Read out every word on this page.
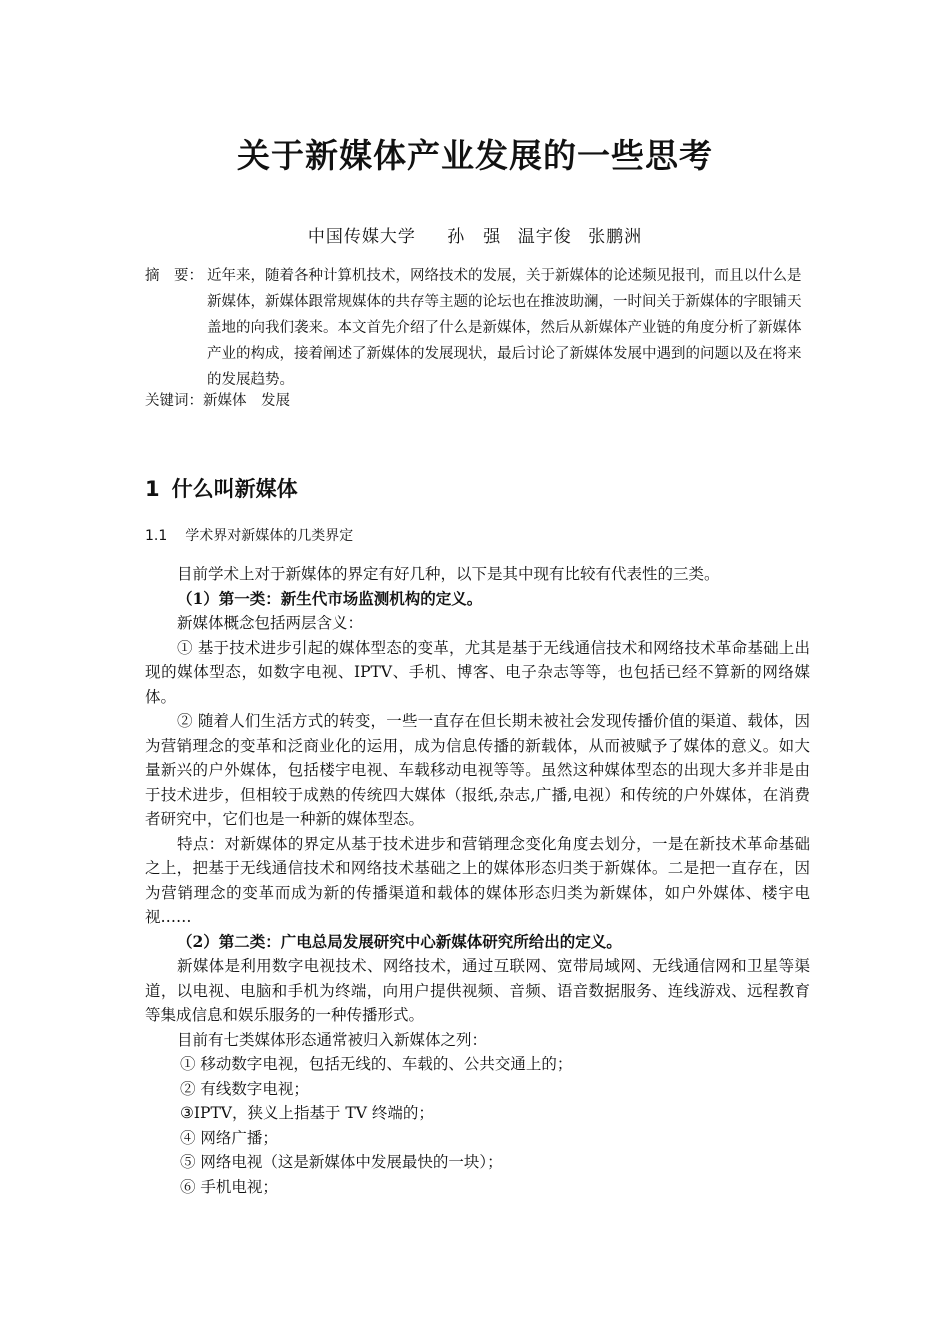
关于新媒体产业发展的一些思考
中国传媒大学 孙　强 温宇俊 张鹏洲
摘　要： 近年来，随着各种计算机技术，网络技术的发展，关于新媒体的论述频见报刊，而且以什么是新媒体，新媒体跟常规媒体的共存等主题的论坛也在推波助澜，一时间关于新媒体的字眼铺天盖地的向我们袭来。本文首先介绍了什么是新媒体，然后从新媒体产业链的角度分析了新媒体产业的构成，接着阐述了新媒体的发展现状，最后讨论了新媒体发展中遇到的问题以及在将来的发展趋势。
关键词：新媒体　发展
1 什么叫新媒体
1.1 学术界对新媒体的几类界定

目前学术上对于新媒体的界定有好几种，以下是其中现有比较有代表性的三类。

（1）第一类：新生代市场监测机构的定义。

新媒体概念包括两层含义：

① 基于技术进步引起的媒体型态的变革，尤其是基于无线通信技术和网络技术革命基础上出现的媒体型态，如数字电视、IPTV、手机、博客、电子杂志等等，也包括已经不算新的网络媒体。

② 随着人们生活方式的转变，一些一直存在但长期未被社会发现传播价值的渠道、载体，因为营销理念的变革和泛商业化的运用，成为信息传播的新载体，从而被赋予了媒体的意义。如大量新兴的户外媒体，包括楼宇电视、车载移动电视等等。虽然这种媒体型态的出现大多并非是由于技术进步，但相较于成熟的传统四大媒体（报纸,杂志,广播,电视）和传统的户外媒体，在消费者研究中，它们也是一种新的媒体型态。

特点：对新媒体的界定从基于技术进步和营销理念变化角度去划分，一是在新技术革命基础之上，把基于无线通信技术和网络技术基础之上的媒体形态归类于新媒体。二是把一直存在，因为营销理念的变革而成为新的传播渠道和载体的媒体形态归类为新媒体，如户外媒体、楼宇电视……

（2）第二类：广电总局发展研究中心新媒体研究所给出的定义。

新媒体是利用数字电视技术、网络技术，通过互联网、宽带局域网、无线通信网和卫星等渠道，以电视、电脑和手机为终端，向用户提供视频、音频、语音数据服务、连线游戏、远程教育等集成信息和娱乐服务的一种传播形式。

目前有七类媒体形态通常被归入新媒体之列：

① 移动数字电视，包括无线的、车载的、公共交通上的；

② 有线数字电视；

③IPTV，狭义上指基于 TV 终端的；

④ 网络广播；

⑤ 网络电视（这是新媒体中发展最快的一块）；

⑥ 手机电视；
